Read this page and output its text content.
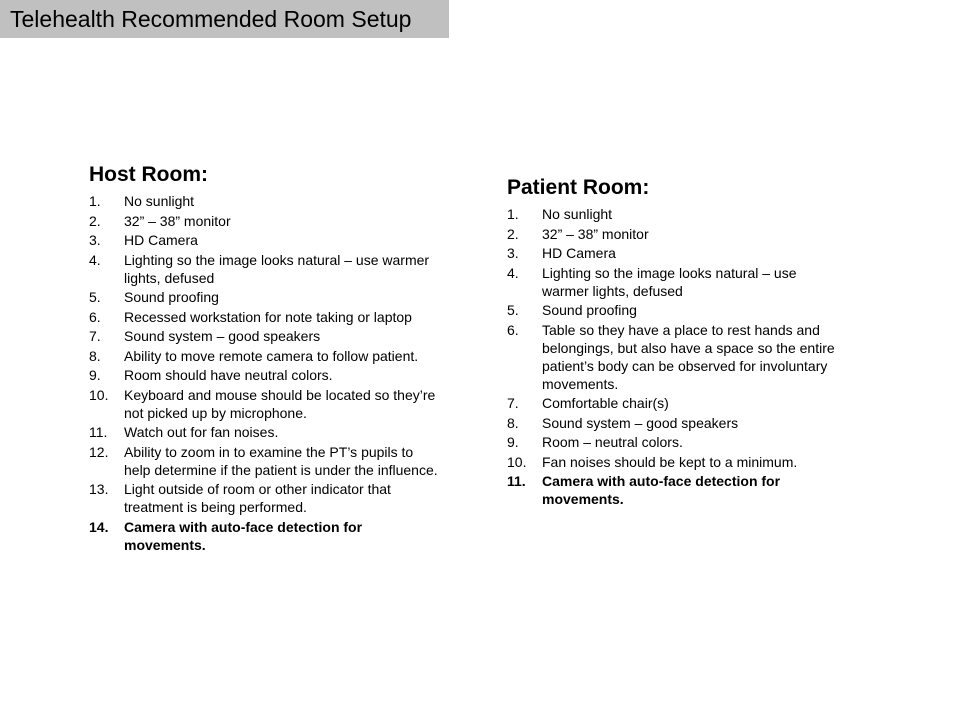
Telehealth Recommended Room Setup
Host Room:
1.	No sunlight
2.	32” – 38” monitor
3.	HD Camera
4.	Lighting so the image looks natural – use warmer lights, defused
5.	Sound proofing
6.	Recessed workstation for note taking or laptop
7.	Sound system – good speakers
8.	Ability to move remote camera to follow patient.
9.	Room should have neutral colors.
10.	Keyboard and mouse should be located so they’re not picked up by microphone.
11.	Watch out for fan noises.
12.	Ability to zoom in to examine the PT’s pupils to help determine if the patient is under the influence.
13.	Light outside of room or other indicator that treatment is being performed.
14.	Camera with auto-face detection for movements.
Patient Room:
1.	No sunlight
2.	32” – 38” monitor
3.	HD Camera
4.	Lighting so the image looks natural – use warmer lights, defused
5.	Sound proofing
6.	Table so they have a place to rest hands and belongings, but also have a space so the entire patient’s body can be observed for involuntary movements.
7.	Comfortable chair(s)
8.	Sound system – good speakers
9.	Room – neutral colors.
10.	Fan noises should be kept to a minimum.
11.	Camera with auto-face detection for movements.
